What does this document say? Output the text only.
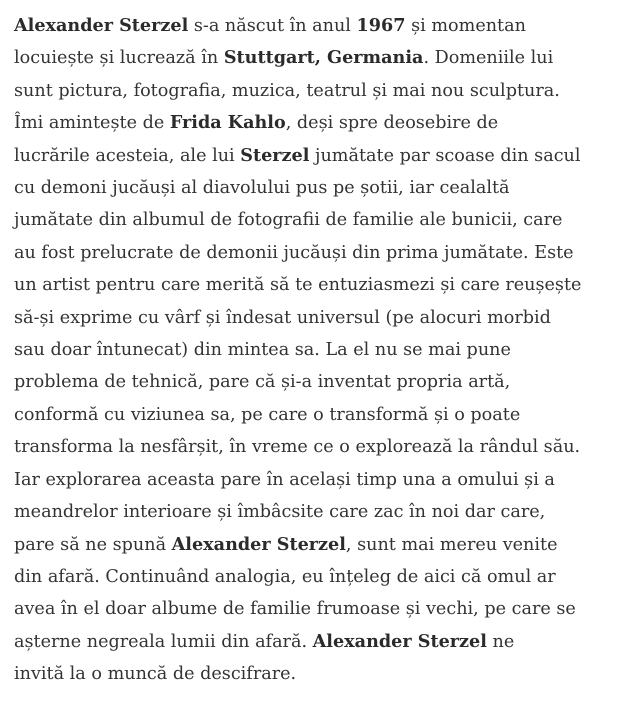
Alexander Sterzel s-a născut în anul 1967 și momentan
locuiește și lucrează în Stuttgart, Germania. Domeniile lui
sunt pictura, fotografia, muzica, teatrul și mai nou sculptura.
Îmi amintește de Frida Kahlo, deși spre deosebire de
lucrările acesteia, ale lui Sterzel jumătate par scoase din sacul
cu demoni jucăuși al diavolului pus pe șotii, iar cealaltă
jumătate din albumul de fotografii de familie ale bunicii, care
au fost prelucrate de demonii jucăuși din prima jumătate. Este
un artist pentru care merită să te entuziasmezi și care reușește
să-și exprime cu vârf și îndesat universul (pe alocuri morbid
sau doar întunecat) din mintea sa. La el nu se mai pune
problema de tehnică, pare că și-a inventat propria artă,
conformă cu viziunea sa, pe care o transformă și o poate
transforma la nesfârșit, în vreme ce o explorează la rândul său.
Iar explorarea aceasta pare în același timp una a omului și a
meandrelor interioare și îmbâcsite care zac în noi dar care,
pare să ne spună Alexander Sterzel, sunt mai mereu venite
din afară. Continuând analogia, eu înțeleg de aici că omul ar
avea în el doar albume de familie frumoase și vechi, pe care se
așterne negreala lumii din afară. Alexander Sterzel ne
invită la o muncă de descifrare.
